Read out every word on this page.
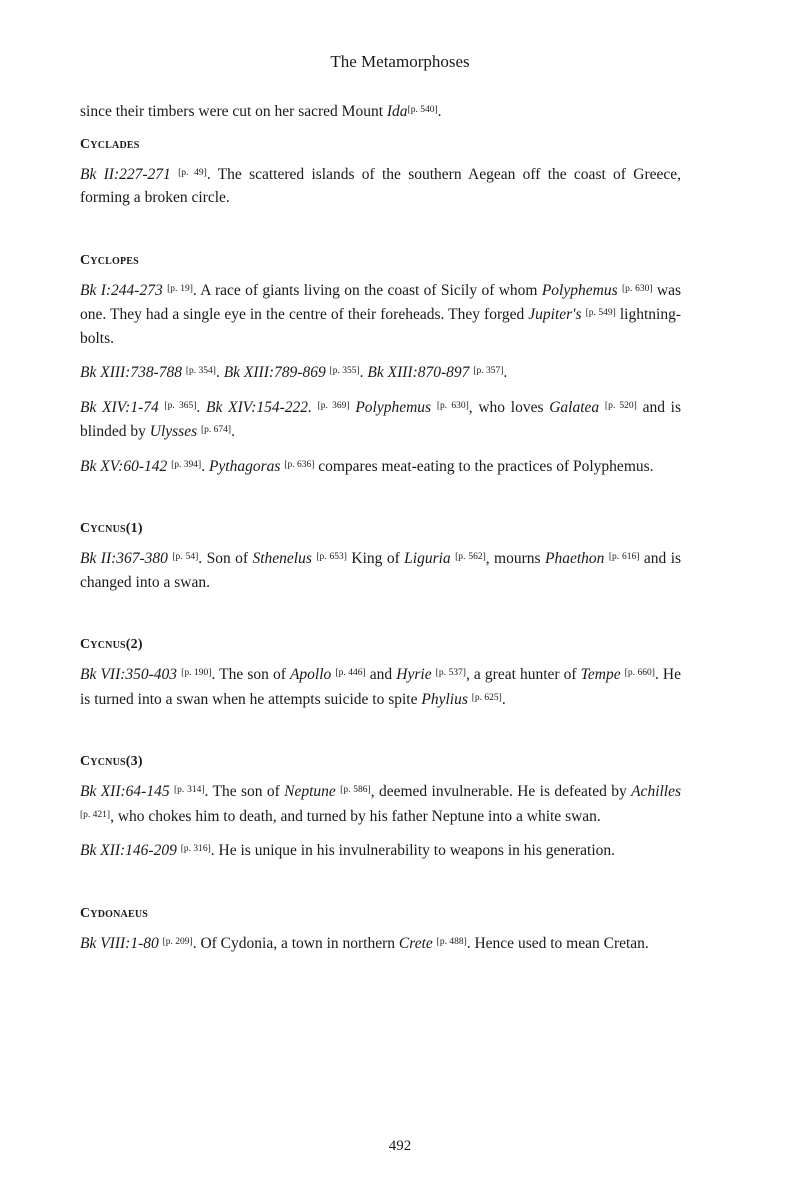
The Metamorphoses

since their timbers were cut on her sacred Mount Ida[p. 540].

Cyclades

Bk II:227-271 [p. 49]. The scattered islands of the southern Aegean off the coast of Greece, forming a broken circle.

Cyclopes

Bk I:244-273 [p. 19]. A race of giants living on the coast of Sicily of whom Polyphemus [p. 630] was one. They had a single eye in the centre of their foreheads. They forged Jupiter's [p. 549] lightning-bolts.

Bk XIII:738-788 [p. 354]. Bk XIII:789-869 [p. 355]. Bk XIII:870-897 [p. 357].

Bk XIV:1-74 [p. 365]. Bk XIV:154-222. [p. 369] Polyphemus [p. 630], who loves Galatea [p. 520] and is blinded by Ulysses [p. 674].

Bk XV:60-142 [p. 394]. Pythagoras [p. 636] compares meat-eating to the practices of Polyphemus.

Cycnus(1)

Bk II:367-380 [p. 54]. Son of Sthenelus [p. 653] King of Liguria [p. 562], mourns Phaethon [p. 616] and is changed into a swan.

Cycnus(2)

Bk VII:350-403 [p. 190]. The son of Apollo [p. 446] and Hyrie [p. 537], a great hunter of Tempe [p. 660]. He is turned into a swan when he attempts suicide to spite Phylius [p. 625].

Cycnus(3)

Bk XII:64-145 [p. 314]. The son of Neptune [p. 586], deemed invulnerable. He is defeated by Achilles [p. 421], who chokes him to death, and turned by his father Neptune into a white swan.

Bk XII:146-209 [p. 316]. He is unique in his invulnerability to weapons in his generation.

Cydonaeus

Bk VIII:1-80 [p. 209]. Of Cydonia, a town in northern Crete [p. 488]. Hence used to mean Cretan.

492
